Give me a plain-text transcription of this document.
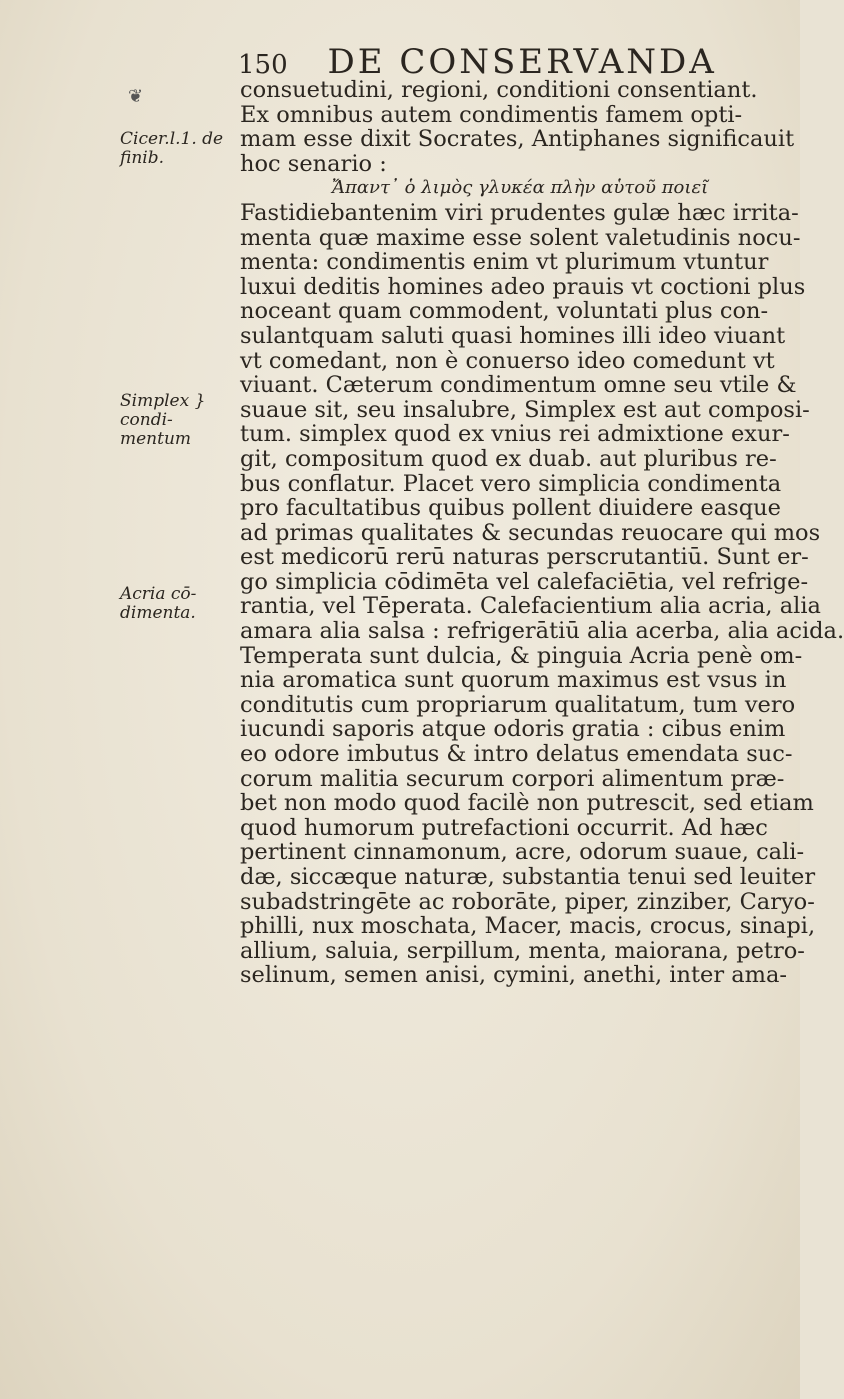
❦
150 DE CONSERVANDA
Cicer.l.1. de finib.
Simplex } condi- mentum
Acria cō- dimenta.
consuetudini, regioni, conditioni consentiant.
Ex omnibus autem condimentis famem opti-
mam esse dixit Socrates, Antiphanes significauit
hoc senario :
Ἄπαντ᾽ ὁ λιμὸς γλυκέα πλὴν αὑτοῦ ποιεῖ
Fastidiebantenim viri prudentes gulæ hæc irrita-
menta quæ maxime esse solent valetudinis nocu-
menta: condimentis enim vt plurimum vtuntur
luxui deditis homines adeo prauis vt coctioni plus
noceant quam commodent, voluntati plus con-
sulantquam saluti quasi homines illi ideo viuant
vt comedant, non è conuerso ideo comedunt vt
viuant. Cæterum condimentum omne seu vtile &
suaue sit, seu insalubre, Simplex est aut composi-
tum. simplex quod ex vnius rei admixtione exur-
git, compositum quod ex duab. aut pluribus re-
bus conflatur. Placet vero simplicia condimenta
pro facultatibus quibus pollent diuidere easque
ad primas qualitates & secundas reuocare qui mos
est medicorū rerū naturas perscrutantiū. Sunt er-
go simplicia cōdimēta vel calefaciētia, vel refrige-
rantia, vel Tēperata. Calefacientium alia acria, alia
amara alia salsa : refrigerātiū alia acerba, alia acida.
Temperata sunt dulcia, & pinguia Acria penè om-
nia aromatica sunt quorum maximus est vsus in
conditutis cum propriarum qualitatum, tum vero
iucundi saporis atque odoris gratia : cibus enim
eo odore imbutus & intro delatus emendata suc-
corum malitia securum corpori alimentum præ-
bet non modo quod facilè non putrescit, sed etiam
quod humorum putrefactioni occurrit. Ad hæc
pertinent cinnamonum, acre, odorum suaue, cali-
dæ, siccæque naturæ, substantia tenui sed leuiter
subadstringēte ac roborāte, piper, zinziber, Caryo-
philli, nux moschata, Macer, macis, crocus, sinapi,
allium, saluia, serpillum, menta, maiorana, petro-
selinum, semen anisi, cymini, anethi, inter ama-
